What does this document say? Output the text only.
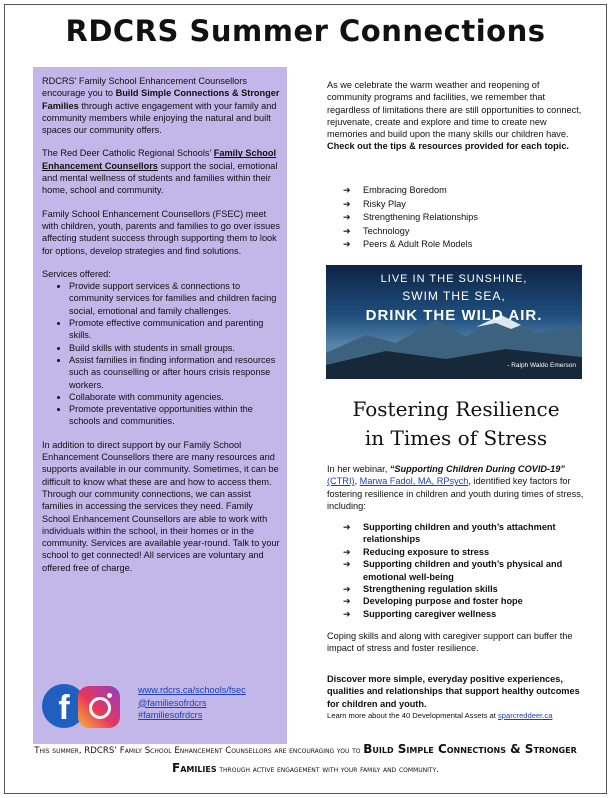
RDCRS Summer Connections

RDCRS’ Family School Enhancement Counsellors encourage you to Build Simple Connections & Stronger Families through active engagement with your family and community members while enjoying the natural and built spaces our community offers.

The Red Deer Catholic Regional Schools’ Family School Enhancement Counsellors support the social, emotional and mental wellness of students and families within their home, school and community.

Family School Enhancement Counsellors (FSEC) meet with children, youth, parents and families to go over issues affecting student success through supporting them to look for options, develop strategies and find solutions.

Services offered:
• Provide support services & connections to community services for families and children facing social, emotional and family challenges.
• Promote effective communication and parenting skills.
• Build skills with students in small groups.
• Assist families in finding information and resources such as counselling or after hours crisis response workers.
• Collaborate with community agencies.
• Promote preventative opportunities within the schools and communities.

In addition to direct support by our Family School Enhancement Counsellors there are many resources and supports available in our community. Sometimes, it can be difficult to know what these are and how to access them. Through our community connections, we can assist families in accessing the services they need. Family School Enhancement Counsellors are able to work with individuals within the school, in their homes or in the community. Services are available year-round. Talk to your school to get connected! All services are voluntary and offered free of charge.

f	www.rdcrs.ca/schools/fsec
@familiesofrdcrs
#familiesofrdcrs
As we celebrate the warm weather and reopening of community programs and facilities, we remember that regardless of limitations there are still opportunities to connect, rejuvenate, create and explore and time to create new memories and build upon the many skills our children have. Check out the tips & resources provided for each topic.
➔ Embracing Boredom
➔ Risky Play
➔ Strengthening Relationships
➔ Technology
➔ Peers & Adult Role Models
LIVE IN THE SUNSHINE,
SWIM THE SEA,
DRINK THE WILD AIR.
- Ralph Waldo Emerson
Fostering Resilience
in Times of Stress
In her webinar, “Supporting Children During COVID-19” (CTRI), Marwa Fadol, MA, RPsych, identified key factors for fostering resilience in children and youth during times of stress, including:
➔ Supporting children and youth’s attachment relationships
➔ Reducing exposure to stress
➔ Supporting children and youth’s physical and emotional well-being
➔ Strengthening regulation skills
➔ Developing purpose and foster hope
➔ Supporting caregiver wellness
Coping skills and along with caregiver support can buffer the impact of stress and foster resilience.
Discover more simple, everyday positive experiences, qualities and relationships that support healthy outcomes for children and youth.
Learn more about the 40 Developmental Assets at sparcreddeer.ca
This summer, RDCRS’ Family School Enhancement Counsellors are encouraging you to Build Simple Connections & Stronger Families through active engagement with your family and community.
